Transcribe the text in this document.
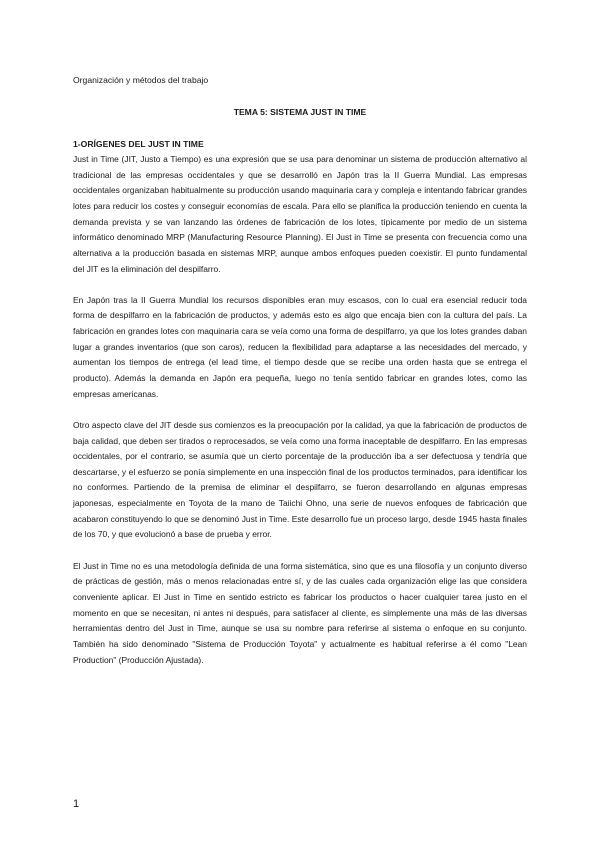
Organización y métodos del trabajo
TEMA 5: SISTEMA JUST IN TIME
1-ORÍGENES DEL JUST IN TIME

Just in Time (JIT, Justo a Tiempo) es una expresión que se usa para denominar un sistema de producción alternativo al tradicional de las empresas occidentales y que se desarrolló en Japón tras la II Guerra Mundial. Las empresas occidentales organizaban habitualmente su producción usando maquinaria cara y compleja e intentando fabricar grandes lotes para reducir los costes y conseguir economías de escala. Para ello se planifica la producción teniendo en cuenta la demanda prevista y se van lanzando las órdenes de fabricación de los lotes, típicamente por medio de un sistema informático denominado MRP (Manufacturing Resource Planning). El Just in Time se presenta con frecuencia como una alternativa a la producción basada en sistemas MRP, aunque ambos enfoques pueden coexistir. El punto fundamental del JIT es la eliminación del despilfarro.

En Japón tras la II Guerra Mundial los recursos disponibles eran muy escasos, con lo cual era esencial reducir toda forma de despilfarro en la fabricación de productos, y además esto es algo que encaja bien con la cultura del país. La fabricación en grandes lotes con maquinaria cara se veía como una forma de despilfarro, ya que los lotes grandes daban lugar a grandes inventarios (que son caros), reducen la flexibilidad para adaptarse a las necesidades del mercado, y aumentan los tiempos de entrega (el lead time, el tiempo desde que se recibe una orden hasta que se entrega el producto). Además la demanda en Japón era pequeña, luego no tenía sentido fabricar en grandes lotes, como las empresas americanas.

Otro aspecto clave del JIT desde sus comienzos es la preocupación por la calidad, ya que la fabricación de productos de baja calidad, que deben ser tirados o reprocesados, se veía como una forma inaceptable de despilfarro. En las empresas occidentales, por el contrario, se asumía que un cierto porcentaje de la producción iba a ser defectuosa y tendría que descartarse, y el esfuerzo se ponía simplemente en una inspección final de los productos terminados, para identificar los no conformes. Partiendo de la premisa de eliminar el despilfarro, se fueron desarrollando en algunas empresas japonesas, especialmente en Toyota de la mano de Taiichi Ohno, una serie de nuevos enfoques de fabricación que acabaron constituyendo lo que se denominó Just in Time. Este desarrollo fue un proceso largo, desde 1945 hasta finales de los 70, y que evolucionó a base de prueba y error.

El Just in Time no es una metodología definida de una forma sistemática, sino que es una filosofía y un conjunto diverso de prácticas de gestión, más o menos relacionadas entre sí, y de las cuales cada organización elige las que considera conveniente aplicar. El Just in Time en sentido estricto es fabricar los productos o hacer cualquier tarea justo en el momento en que se necesitan, ni antes ni después, para satisfacer al cliente, es simplemente una más de las diversas herramientas dentro del Just in Time, aunque se usa su nombre para referirse al sistema o enfoque en su conjunto. También ha sido denominado "Sistema de Producción Toyota" y actualmente es habitual referirse a él como "Lean Production" (Producción Ajustada).

1
